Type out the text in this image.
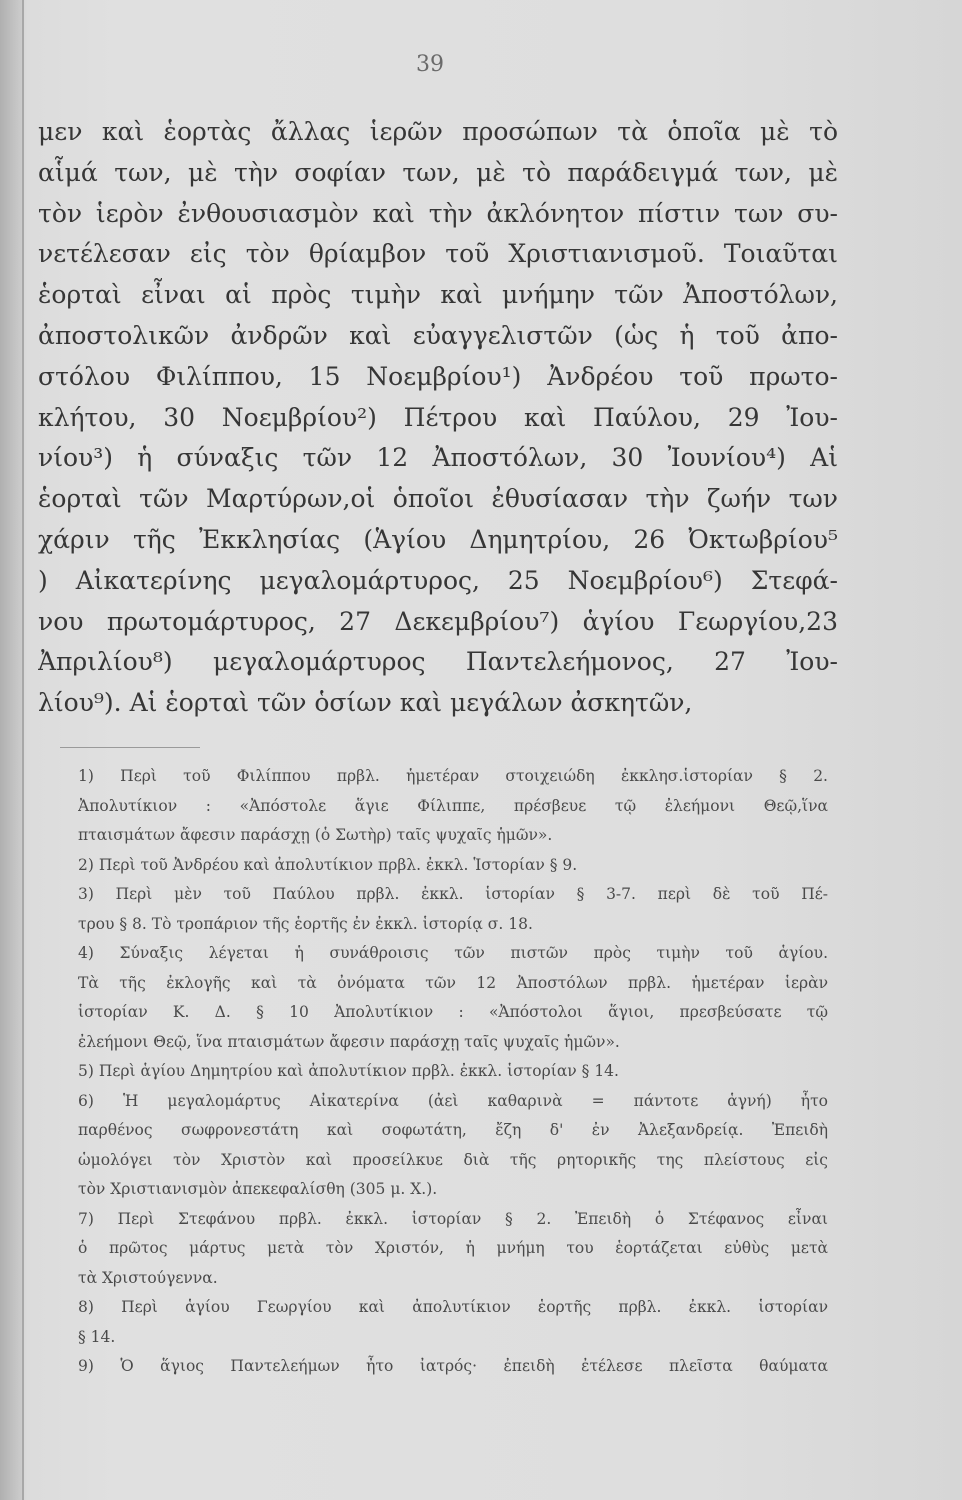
39
μεν καὶ ἑορτὰς ἄλλας ἱερῶν προσώπων τὰ ὁποῖα μὲ τὸ
αἷμά των, μὲ τὴν σοφίαν των, μὲ τὸ παράδειγμά των, μὲ
τὸν ἱερὸν ἐνθουσιασμὸν καὶ τὴν ἀκλόνητον πίστιν των συ-
νετέλεσαν εἰς τὸν θρίαμβον τοῦ Χριστιανισμοῦ. Τοιαῦται
ἑορταὶ εἶναι αἱ πρὸς τιμὴν καὶ μνήμην τῶν Ἀποστόλων,
ἀποστολικῶν ἀνδρῶν καὶ εὐαγγελιστῶν (ὡς ἡ τοῦ ἀπο-
στόλου Φιλίππου, 15 Νοεμβρίου¹) Ἀνδρέου τοῦ πρωτο-
κλήτου, 30 Νοεμβρίου²) Πέτρου καὶ Παύλου, 29 Ἰου-
νίου³) ἡ σύναξις τῶν 12 Ἀποστόλων, 30 Ἰουνίου⁴) Αἱ
ἑορταὶ τῶν Μαρτύρων,οἱ ὁποῖοι ἐθυσίασαν τὴν ζωήν των
χάριν τῆς Ἐκκλησίας (Ἁγίου Δημητρίου, 26 Ὀκτωβρίου⁵
) Αἰκατερίνης μεγαλομάρτυρος, 25 Νοεμβρίου⁶) Στεφά-
νου πρωτομάρτυρος, 27 Δεκεμβρίου⁷) ἁγίου Γεωργίου,23
Ἀπριλίου⁸) μεγαλομάρτυρος Παντελεήμονος, 27 Ἰου-
λίου⁹). Αἱ ἑορταὶ τῶν ὁσίων καὶ μεγάλων ἀσκητῶν,
1) Περὶ τοῦ Φιλίππου πρβλ. ἡμετέραν στοιχειώδη ἐκκλησ.ἱστορίαν § 2.
Ἀπολυτίκιον : «Ἀπόστολε ἅγιε Φίλιππε, πρέσβευε τῷ ἐλεήμονι Θεῷ,ἵνα
πταισμάτων ἄφεσιν παράσχῃ (ὁ Σωτὴρ) ταῖς ψυχαῖς ἡμῶν».
2) Περὶ τοῦ Ἀνδρέου καὶ ἀπολυτίκιον πρβλ. ἐκκλ. Ἱστορίαν § 9.
3) Περὶ μὲν τοῦ Παύλου πρβλ. ἐκκλ. ἱστορίαν § 3-7. περὶ δὲ τοῦ Πέ-
τρου § 8. Τὸ τροπάριον τῆς ἑορτῆς ἐν ἐκκλ. ἱστορίᾳ σ. 18.
4) Σύναξις λέγεται ἡ συνάθροισις τῶν πιστῶν πρὸς τιμὴν τοῦ ἁγίου.
Τὰ τῆς ἐκλογῆς καὶ τὰ ὀνόματα τῶν 12 Ἀποστόλων πρβλ. ἡμετέραν ἱερὰν
ἱστορίαν Κ. Δ. § 10 Ἀπολυτίκιον : «Ἀπόστολοι ἅγιοι, πρεσβεύσατε τῷ
ἐλεήμονι Θεῷ, ἵνα πταισμάτων ἄφεσιν παράσχῃ ταῖς ψυχαῖς ἡμῶν».
5) Περὶ ἁγίου Δημητρίου καὶ ἀπολυτίκιον πρβλ. ἐκκλ. ἱστορίαν § 14.
6) Ἡ μεγαλομάρτυς Αἰκατερίνα (ἀεὶ καθαρινὰ = πάντοτε ἁγνή) ἦτο
παρθένος σωφρονεστάτη καὶ σοφωτάτη, ἔζη δ' ἐν Ἀλεξανδρείᾳ. Ἐπειδὴ
ὡμολόγει τὸν Χριστὸν καὶ προσείλκυε διὰ τῆς ρητορικῆς της πλείστους εἰς
τὸν Χριστιανισμὸν ἀπεκεφαλίσθη (305 μ. Χ.).
7) Περὶ Στεφάνου πρβλ. ἐκκλ. ἱστορίαν § 2. Ἐπειδὴ ὁ Στέφανος εἶναι
ὁ πρῶτος μάρτυς μετὰ τὸν Χριστόν, ἡ μνήμη του ἑορτάζεται εὐθὺς μετὰ
τὰ Χριστούγεννα.
8) Περὶ ἁγίου Γεωργίου καὶ ἀπολυτίκιον ἑορτῆς πρβλ. ἐκκλ. ἱστορίαν
§ 14.
9) Ὁ ἅγιος Παντελεήμων ἦτο ἰατρός· ἐπειδὴ ἐτέλεσε πλεῖστα θαύματα
